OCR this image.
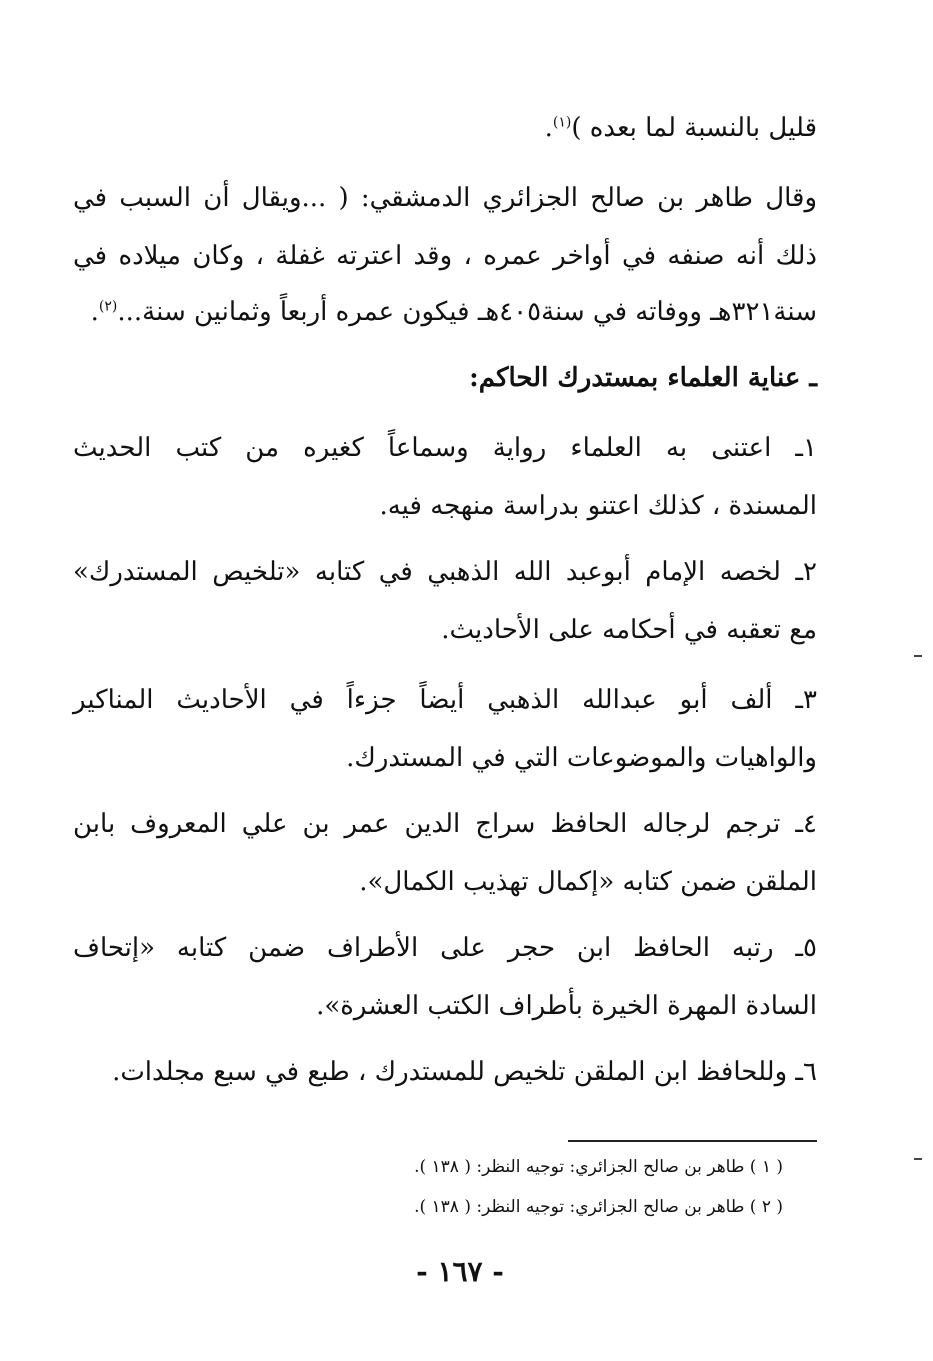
قليل بالنسبة لما بعده )$^{(١)}$.
وقال طاهر بن صالح الجزائري الدمشقي: ( ...ويقال أن السبب في
ذلك أنه صنفه في أواخر عمره ، وقد اعترته غفلة ، وكان ميلاده في
سنة٣٢١هـ ووفاته في سنة٤٠٥هـ فيكون عمره أربعاً وثمانين سنة...$^{(٢)}$.
ـ عناية العلماء بمستدرك الحاكم:
١ـ اعتنى به العلماء رواية وسماعاً كغيره من كتب الحديث
المسندة ، كذلك اعتنو بدراسة منهجه فيه.
٢ـ لخصه الإمام أبوعبد الله الذهبي في كتابه «تلخيص المستدرك»
مع تعقبه في أحكامه على الأحاديث.
٣ـ ألف أبو عبدالله الذهبي أيضاً جزءاً في الأحاديث المناكير
والواهيات والموضوعات التي في المستدرك.
٤ـ ترجم لرجاله الحافظ سراج الدين عمر بن علي المعروف بابن
الملقن ضمن كتابه «إكمال تهذيب الكمال».
٥ـ رتبه الحافظ ابن حجر على الأطراف ضمن كتابه «إتحاف
السادة المهرة الخيرة بأطراف الكتب العشرة».
٦ـ وللحافظ ابن الملقن تلخيص للمستدرك ، طبع في سبع مجلدات.
( ١ ) طاهر بن صالح الجزائري: توجيه النظر: ( ١٣٨ ).
( ٢ ) طاهر بن صالح الجزائري: توجيه النظر: ( ١٣٨ ).
- ١٦٧ -
